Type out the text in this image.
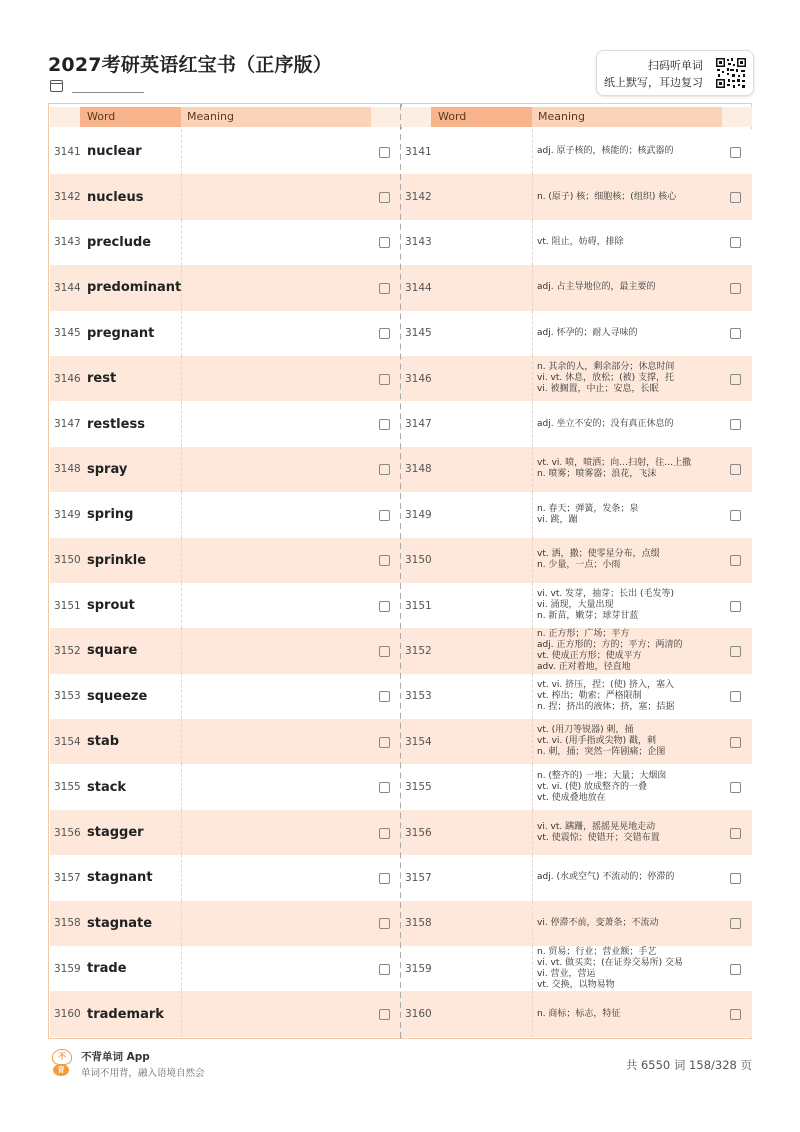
2027考研英语红宝书（正序版）	扫码听单词
纸上默写，耳边复习
Word	Meaning
3141 nuclear
3142 nucleus
3143 preclude
3144 predominant
3145 pregnant
3146 rest
3147 restless
3148 spray
3149 spring
3150 sprinkle
3151 sprout
3152 square
3153 squeeze
3154 stab
3155 stack
3156 stagger
3157 stagnant
3158 stagnate
3159 trade
3160 trademark
Word	Meaning
3141	adj. 原子核的，核能的；核武器的
3142	n. (原子) 核；细胞核；(组织) 核心
3143	vt. 阻止，妨碍，排除
3144	adj. 占主导地位的，最主要的
3145	adj. 怀孕的；耐人寻味的
3146
n. 其余的人，剩余部分；休息时间
vi. vt. 休息，放松；(被) 支撑，托
vi. 被搁置，中止；安息，长眠
3147	adj. 坐立不安的；没有真正休息的
3148	vt. vi. 喷，喷洒；向…扫射，往…上撒
n. 喷雾；喷雾器；浪花，飞沫
3149	n. 春天；弹簧，发条；泉
vi. 跳，蹦
3150	vt. 洒，撒；使零星分布，点缀
n. 少量，一点；小雨
3151
vi. vt. 发芽，抽芽；长出 (毛发等)
vi. 涌现，大量出现
n. 新苗，嫩芽；球芽甘蓝
3152
n. 正方形；广场；平方
adj. 正方形的；方的；平方；两清的
vt. 使成正方形；使成平方
adv. 正对着地，径直地
3153
vt. vi. 挤压，捏；(使) 挤入，塞入
vt. 榨出；勒索；严格限制
n. 捏；挤出的液体；挤，塞；拮据
3154
vt. (用刀等锐器) 刺，捅
vt. vi. (用手指或尖物) 戳，刺
n. 刺，捅；突然一阵剧痛；企图
3155
n. (整齐的) 一堆；大量；大烟囱
vt. vi. (使) 放成整齐的一叠
vt. 使成叠地放在
3156	vi. vt. 蹒跚，摇摇晃晃地走动
vt. 使震惊；使错开；交错布置
3157	adj. (水或空气) 不流动的；停滞的
3158	vi. 停滞不前，变萧条；不流动
3159
n. 贸易；行业；营业额；手艺
vi. vt. 做买卖；(在证券交易所) 交易
vi. 营业，营运
vt. 交换，以物易物
3160	n. 商标；标志，特征
不
背
不背单词 App
单词不用背，融入语境自然会
共 6550 词 158/328 页
